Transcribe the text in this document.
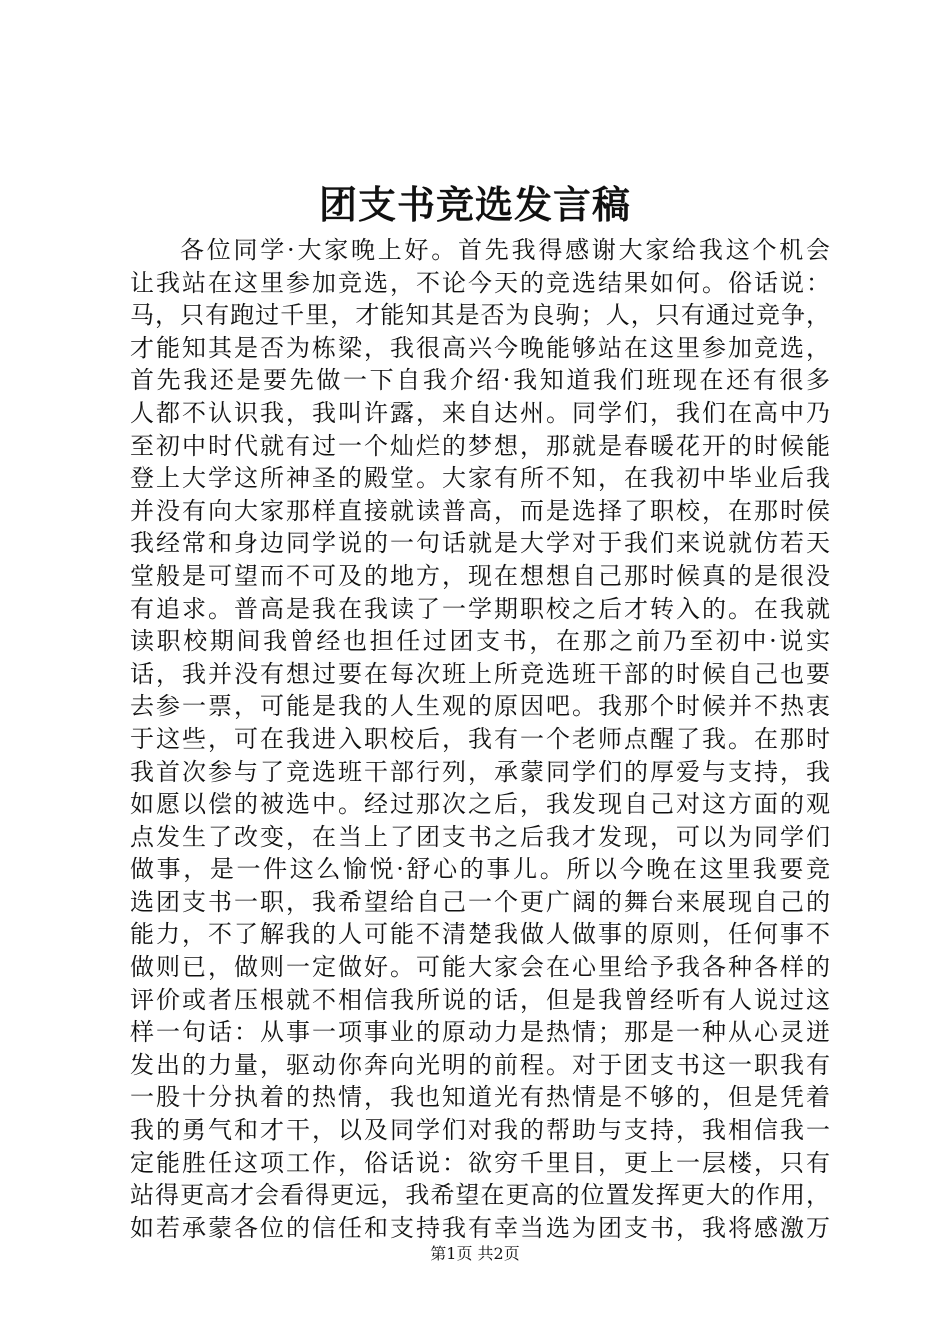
团支书竞选发言稿
各位同学·大家晚上好。首先我得感谢大家给我这个机会
让我站在这里参加竞选，不论今天的竞选结果如何。俗话说：
马，只有跑过千里，才能知其是否为良驹；人，只有通过竞争，
才能知其是否为栋梁，我很高兴今晚能够站在这里参加竞选，
首先我还是要先做一下自我介绍·我知道我们班现在还有很多
人都不认识我，我叫许露，来自达州。同学们，我们在高中乃
至初中时代就有过一个灿烂的梦想，那就是春暖花开的时候能
登上大学这所神圣的殿堂。大家有所不知，在我初中毕业后我
并没有向大家那样直接就读普高，而是选择了职校，在那时侯
我经常和身边同学说的一句话就是大学对于我们来说就仿若天
堂般是可望而不可及的地方，现在想想自己那时候真的是很没
有追求。普高是我在我读了一学期职校之后才转入的。在我就
读职校期间我曾经也担任过团支书，在那之前乃至初中·说实
话，我并没有想过要在每次班上所竞选班干部的时候自己也要
去参一票，可能是我的人生观的原因吧。我那个时候并不热衷
于这些，可在我进入职校后，我有一个老师点醒了我。在那时
我首次参与了竞选班干部行列，承蒙同学们的厚爱与支持，我
如愿以偿的被选中。经过那次之后，我发现自己对这方面的观
点发生了改变，在当上了团支书之后我才发现，可以为同学们
做事，是一件这么愉悦·舒心的事儿。所以今晚在这里我要竞
选团支书一职，我希望给自己一个更广阔的舞台来展现自己的
能力，不了解我的人可能不清楚我做人做事的原则，任何事不
做则已，做则一定做好。可能大家会在心里给予我各种各样的
评价或者压根就不相信我所说的话，但是我曾经听有人说过这
样一句话：从事一项事业的原动力是热情；那是一种从心灵迸
发出的力量，驱动你奔向光明的前程。对于团支书这一职我有
一股十分执着的热情，我也知道光有热情是不够的，但是凭着
我的勇气和才干，以及同学们对我的帮助与支持，我相信我一
定能胜任这项工作，俗话说：欲穷千里目，更上一层楼，只有
站得更高才会看得更远，我希望在更高的位置发挥更大的作用，
如若承蒙各位的信任和支持我有幸当选为团支书，我将感激万
第1页 共2页
